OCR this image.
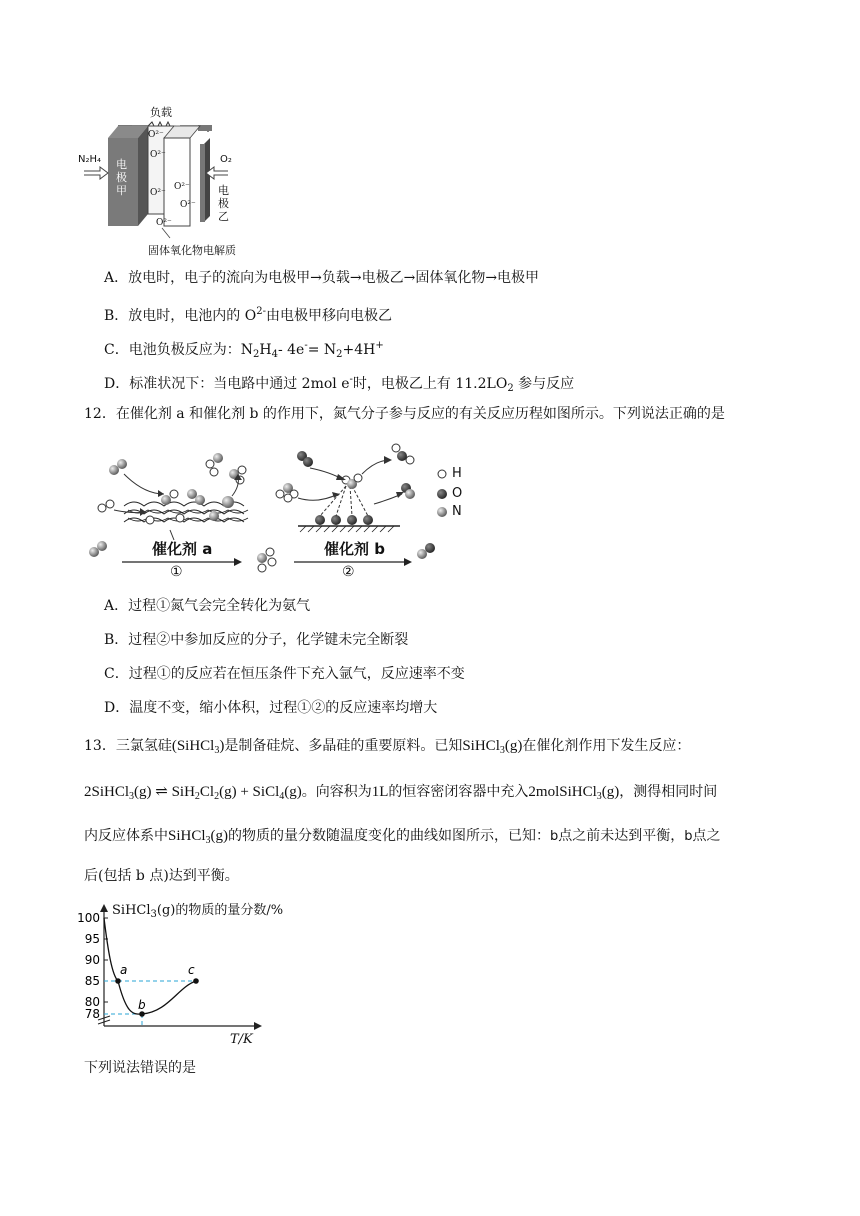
负载
N₂H₄	O₂
电极甲	电极乙
O²⁻
O²⁻
O²⁻
O²⁻
O²⁻
O²⁻
固体氧化物电解质
A．放电时，电子的流向为电极甲→负载→电极乙→固体氧化物→电极甲
B．放电时，电池内的 $O^{2-}$由电极甲移向电极乙
C．电池负极反应为：$N_2H_4-$ $4e^-= N_2+4H^+$
D．标准状况下：当电路中通过 2mol e-时，电极乙上有 $11.2LO_2$ 参与反应
12．在催化剂 a 和催化剂 b 的作用下，氮气分子参与反应的有关反应历程如图所示。下列说法正确的是
催化剂 a
①
催化剂 b
②
H
O
N
A．过程①氮气会完全转化为氨气
B．过程②中参加反应的分子，化学键未完全断裂
C．过程①的反应若在恒压条件下充入氩气，反应速率不变
D．温度不变，缩小体积，过程①②的反应速率均增大
13．三氯氢硅(SiHCl$_3$)是制备硅烷、多晶硅的重要原料。已知SiHCl$_3$(g)在催化剂作用下发生反应：
2SiHCl$_3$(g) ⇌ $SiH_2Cl_2(g)$ + SiCl$_4$(g)。向容积为1L的恒容密闭容器中充入2molSiHCl$_3$(g)，测得相同时间
内反应体系中SiHCl$_3$(g)的物质的量分数随温度变化的曲线如图所示，已知：b点之前未达到平衡，b点之
后(包括 b 点)达到平衡。
100
95
90
85
80
78
a
b
c
SiHCl$_3$(g)的物质的量分数/%
T/K
下列说法错误的是
